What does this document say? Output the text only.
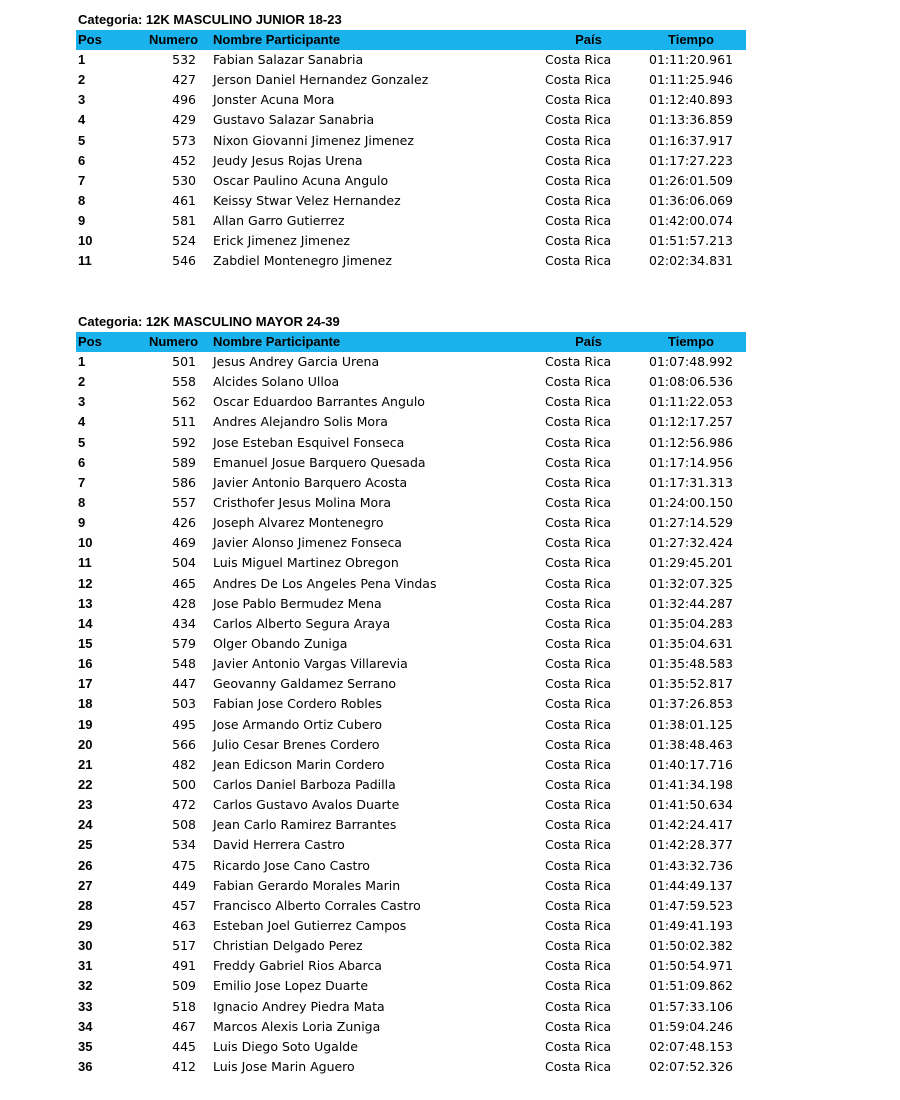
Categoria: 12K MASCULINO JUNIOR 18-23
Pos	Numero	Nombre Participante	País	Tiempo
1	532	Fabian Salazar Sanabria	Costa Rica	01:11:20.961
2	427	Jerson Daniel Hernandez Gonzalez	Costa Rica	01:11:25.946
3	496	Jonster Acuna Mora	Costa Rica	01:12:40.893
4	429	Gustavo Salazar Sanabria	Costa Rica	01:13:36.859
5	573	Nixon Giovanni Jimenez Jimenez	Costa Rica	01:16:37.917
6	452	Jeudy Jesus Rojas Urena	Costa Rica	01:17:27.223
7	530	Oscar Paulino Acuna Angulo	Costa Rica	01:26:01.509
8	461	Keissy Stwar Velez Hernandez	Costa Rica	01:36:06.069
9	581	Allan Garro Gutierrez	Costa Rica	01:42:00.074
10	524	Erick Jimenez Jimenez	Costa Rica	01:51:57.213
11	546	Zabdiel Montenegro Jimenez	Costa Rica	02:02:34.831
Categoria: 12K MASCULINO MAYOR 24-39
Pos	Numero	Nombre Participante	País	Tiempo
1	501	Jesus Andrey Garcia Urena	Costa Rica	01:07:48.992
2	558	Alcides Solano Ulloa	Costa Rica	01:08:06.536
3	562	Oscar Eduardoo Barrantes Angulo	Costa Rica	01:11:22.053
4	511	Andres Alejandro Solis Mora	Costa Rica	01:12:17.257
5	592	Jose Esteban Esquivel Fonseca	Costa Rica	01:12:56.986
6	589	Emanuel Josue Barquero Quesada	Costa Rica	01:17:14.956
7	586	Javier Antonio Barquero Acosta	Costa Rica	01:17:31.313
8	557	Cristhofer Jesus Molina Mora	Costa Rica	01:24:00.150
9	426	Joseph Alvarez Montenegro	Costa Rica	01:27:14.529
10	469	Javier Alonso Jimenez Fonseca	Costa Rica	01:27:32.424
11	504	Luis Miguel Martinez Obregon	Costa Rica	01:29:45.201
12	465	Andres De Los Angeles Pena Vindas	Costa Rica	01:32:07.325
13	428	Jose Pablo Bermudez Mena	Costa Rica	01:32:44.287
14	434	Carlos Alberto Segura Araya	Costa Rica	01:35:04.283
15	579	Olger Obando Zuniga	Costa Rica	01:35:04.631
16	548	Javier Antonio Vargas Villarevia	Costa Rica	01:35:48.583
17	447	Geovanny Galdamez Serrano	Costa Rica	01:35:52.817
18	503	Fabian Jose Cordero Robles	Costa Rica	01:37:26.853
19	495	Jose Armando Ortiz Cubero	Costa Rica	01:38:01.125
20	566	Julio Cesar Brenes Cordero	Costa Rica	01:38:48.463
21	482	Jean Edicson Marin Cordero	Costa Rica	01:40:17.716
22	500	Carlos Daniel Barboza Padilla	Costa Rica	01:41:34.198
23	472	Carlos Gustavo Avalos Duarte	Costa Rica	01:41:50.634
24	508	Jean Carlo Ramirez Barrantes	Costa Rica	01:42:24.417
25	534	David Herrera Castro	Costa Rica	01:42:28.377
26	475	Ricardo Jose Cano Castro	Costa Rica	01:43:32.736
27	449	Fabian Gerardo Morales Marin	Costa Rica	01:44:49.137
28	457	Francisco Alberto Corrales Castro	Costa Rica	01:47:59.523
29	463	Esteban Joel Gutierrez Campos	Costa Rica	01:49:41.193
30	517	Christian Delgado Perez	Costa Rica	01:50:02.382
31	491	Freddy Gabriel Rios Abarca	Costa Rica	01:50:54.971
32	509	Emilio Jose Lopez Duarte	Costa Rica	01:51:09.862
33	518	Ignacio Andrey Piedra Mata	Costa Rica	01:57:33.106
34	467	Marcos Alexis Loria Zuniga	Costa Rica	01:59:04.246
35	445	Luis Diego Soto Ugalde	Costa Rica	02:07:48.153
36	412	Luis Jose Marin Aguero	Costa Rica	02:07:52.326
